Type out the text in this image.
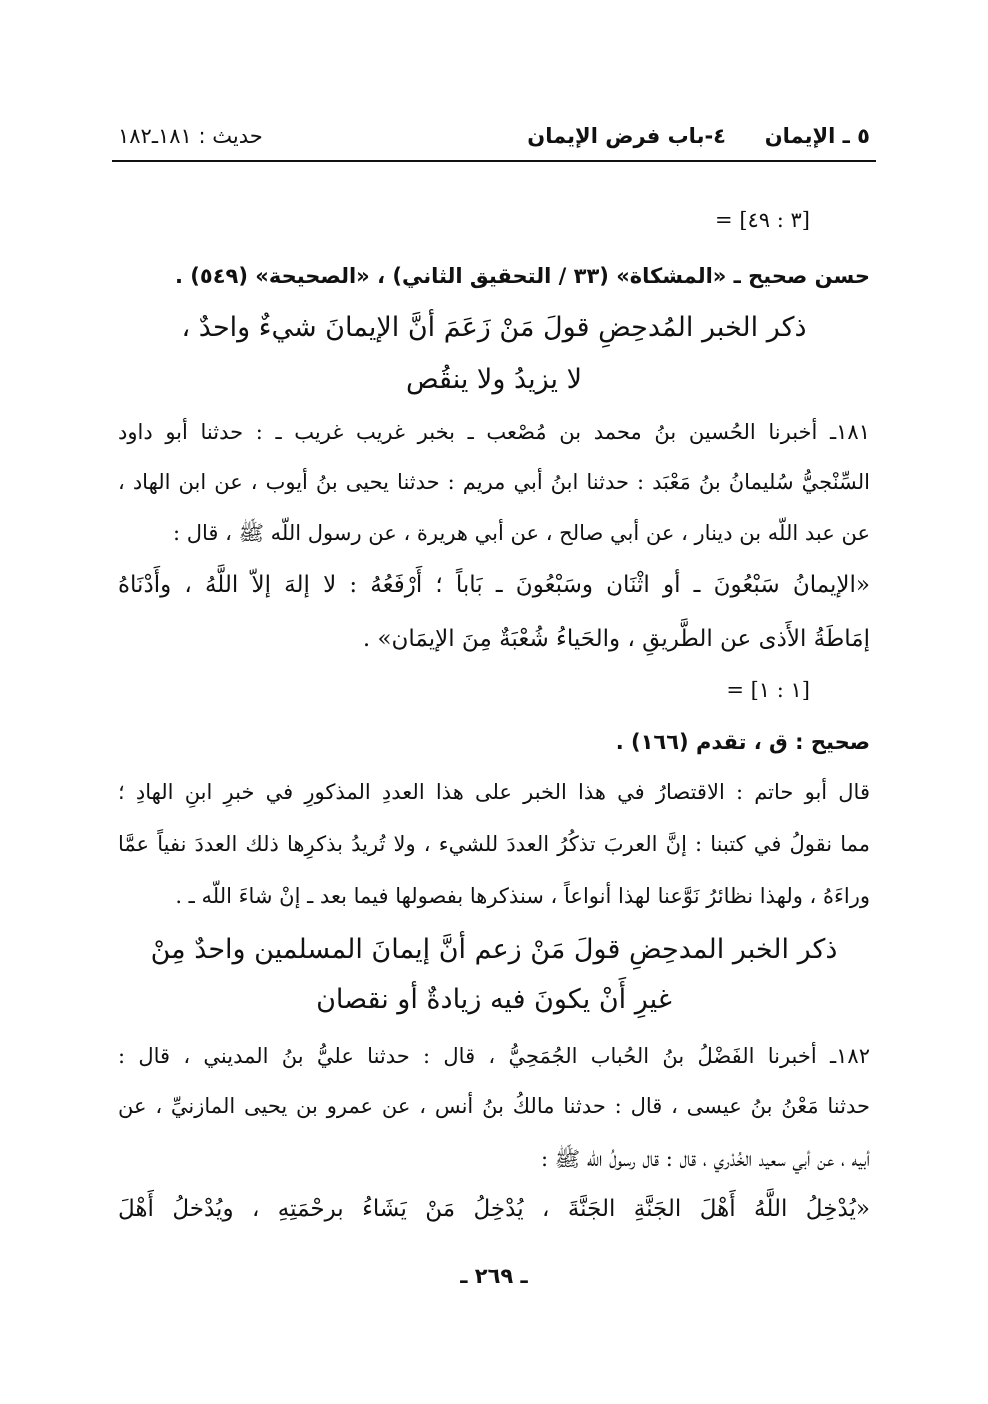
٥ ـ الإيمان
٤-باب فرض الإيمان
حديث : ١٨١ـ١٨٢
= [٣ : ٤٩]
حسن صحيح ـ «المشكاة» (٣٣ / التحقيق الثاني) ، «الصحيحة» (٥٤٩) .
ذكر الخبر المُدحِضِ قولَ مَنْ زَعَمَ أنَّ الإيمانَ شيءٌ واحدٌ ،
لا يزيدُ ولا ينقُص
١٨١ـ أخبرنا الحُسين بنُ محمد بن مُصْعب ـ بخبر غريب غريب ـ : حدثنا أبو داود
السِّنْجيُّ سُليمانُ بنُ مَعْبَد : حدثنا ابنُ أبي مريم : حدثنا يحيى بنُ أيوب ، عن ابن الهاد ،
عن عبد اللّه بن دينار ، عن أبي صالح ، عن أبي هريرة ، عن رسول اللّه ﷺ ، قال :
«الإيمانُ سَبْعُونَ ـ أو اثْنَان وسَبْعُونَ ـ بَاباً ؛ أَرْفَعُهُ : لا إلهَ إلاّ اللَّهُ ، وأَدْنَاهُ
إمَاطَةُ الأَذى عن الطَّريقِ ، والحَياءُ شُعْبَةٌ مِنَ الإيمَان» .
= [١ : ١]
صحيح : ق ، تقدم (١٦٦) .
قال أبو حاتم : الاقتصارُ في هذا الخبر على هذا العددِ المذكورِ في خبرِ ابنِ الهادِ ؛
مما نقولُ في كتبنا : إنَّ العربَ تذكُرُ العددَ للشيء ، ولا تُريدُ بذكرِها ذلك العددَ نفياً عمَّا
وراءَهُ ، ولهذا نظائرُ نَوَّعنا لهذا أنواعاً ، سنذكرها بفصولها فيما بعد ـ إنْ شاءَ اللّه ـ .
ذكر الخبر المدحِضِ قولَ مَنْ زعم أنَّ إيمانَ المسلمين واحدٌ مِنْ
غيرِ أَنْ يكونَ فيه زيادةٌ أو نقصان
١٨٢ـ أخبرنا الفَضْلُ بنُ الحُباب الجُمَحِيُّ ، قال : حدثنا عليُّ بنُ المديني ، قال :
حدثنا مَعْنُ بنُ عيسى ، قال : حدثنا مالكُ بنُ أنس ، عن عمرو بن يحيى المازنيِّ ، عن
أبيه ، عن أبي سعيد الخُدْري ، قال : قال رسولُ اللّه ﷺ :
«يُدْخِلُ اللَّهُ أَهْلَ الجَنَّةِ الجَنَّةَ ، يُدْخِلُ مَنْ يَشَاءُ برحْمَتِهِ ، ويُدْخلُ أَهْلَ
ـ ٢٦٩ ـ
